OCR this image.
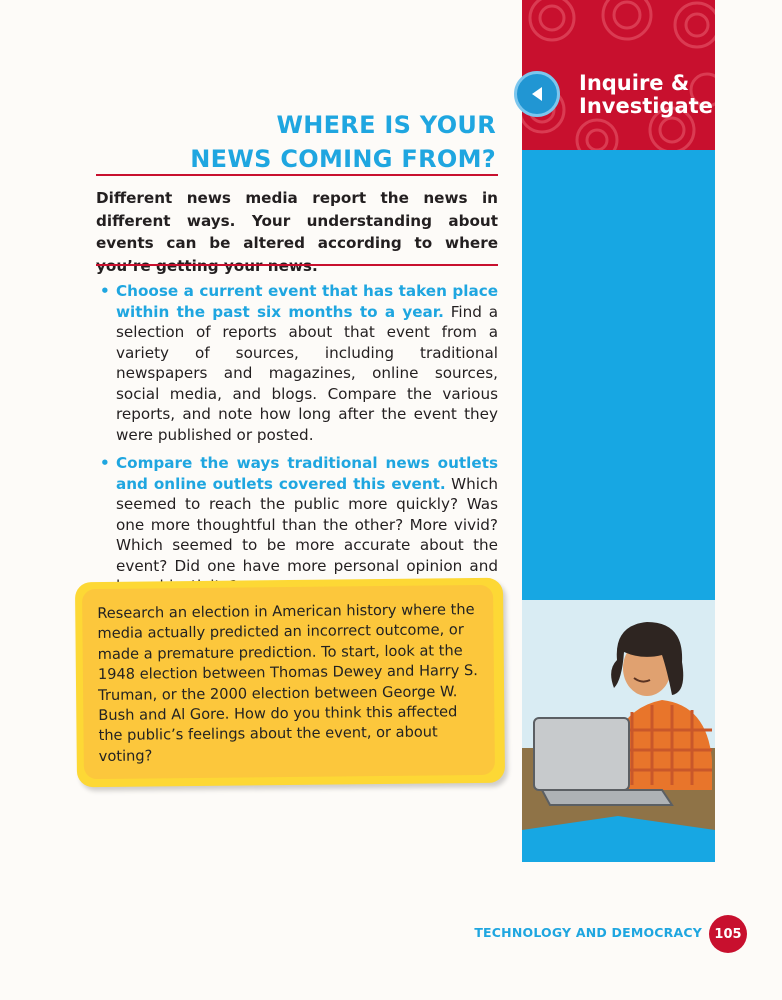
Inquire &
Investigate
WHERE IS YOUR
NEWS COMING FROM?
Different news media report the news in different ways. Your understanding about events can be altered according to where
• Choose a current event that has taken place within the past six months to a year. Find a selection of reports about that event from a variety of sources, including traditional newspapers and magazines, online sources, social media, and blogs. Compare the various reports, and note how long after the event they were published or posted.
• Compare the ways traditional news outlets and online outlets covered this event. Which seemed to reach the public more quickly? Was one more thoughtful than the other? More vivid? Which seemed to be more accurate about the event? Did one have more personal opinion and
Research an election in American history where the media actually predicted an incorrect outcome, or made a premature prediction. To start, look at the 1948 election between Thomas Dewey and Harry S. Truman, or the 2000 election between George W. Bush and Al Gore. How do you think this affected the public’s feelings about the event, or about voting?
TECHNOLOGY AND DEMOCRACY 105
